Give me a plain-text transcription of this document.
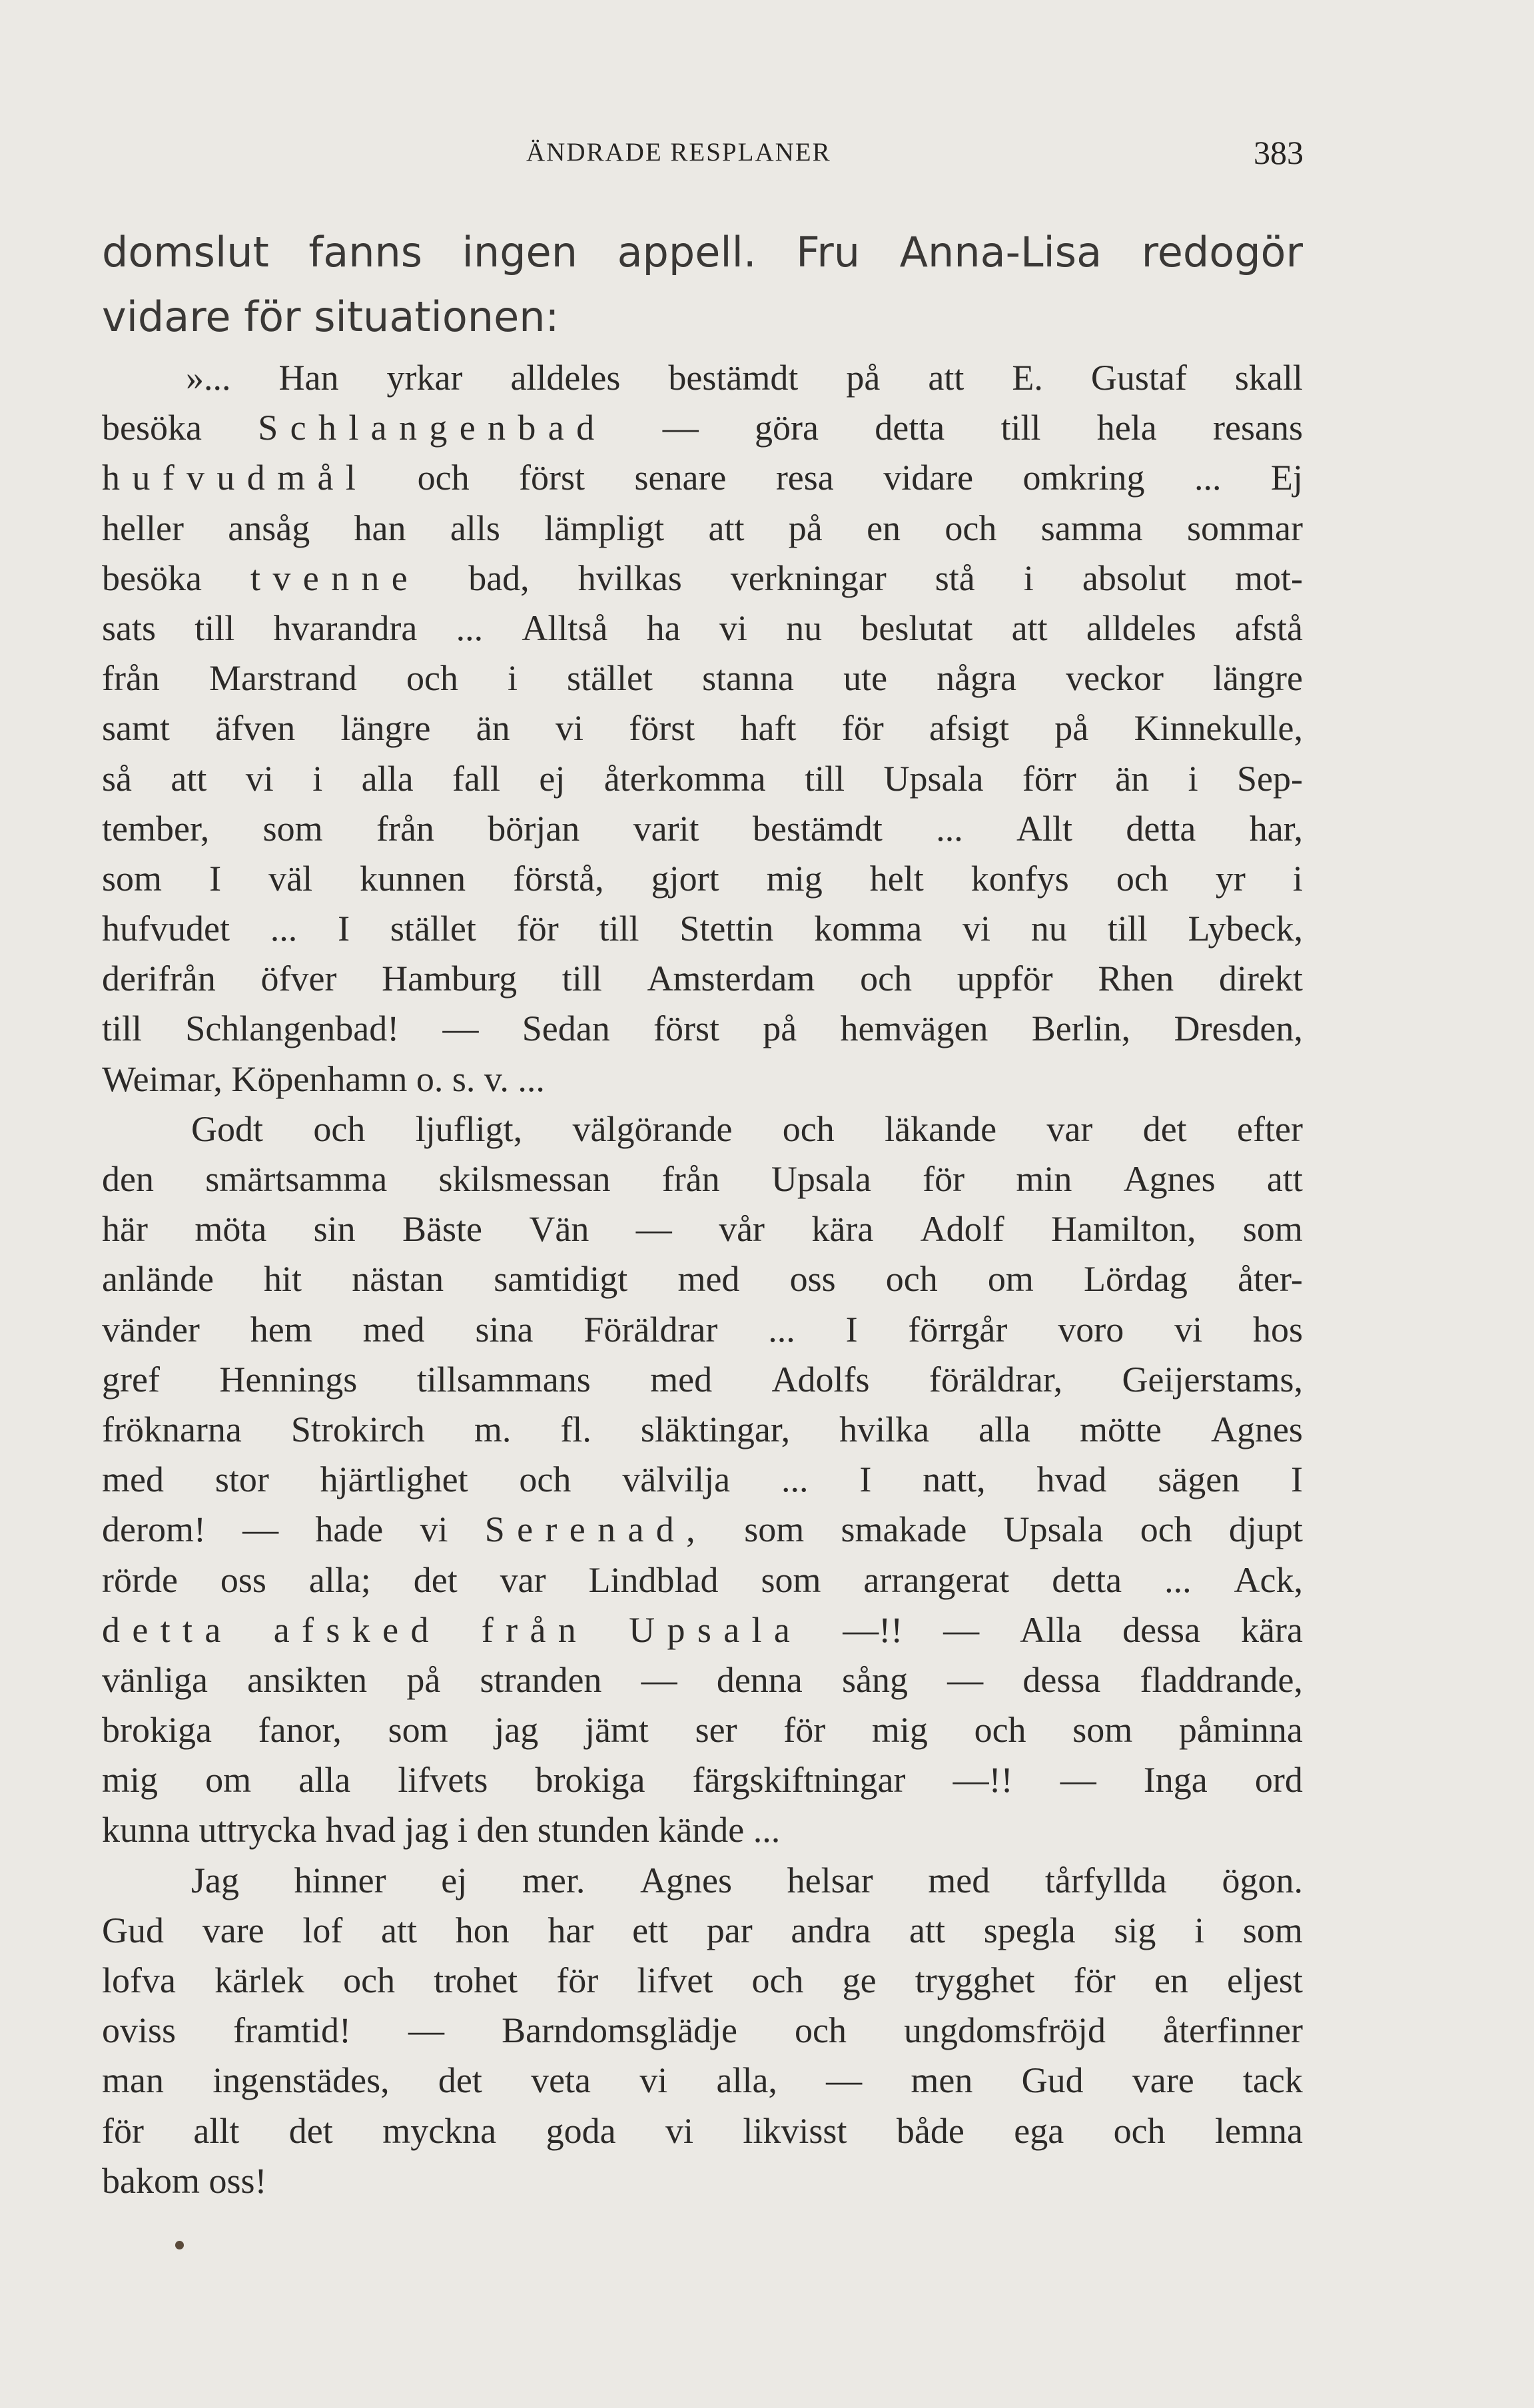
ÄNDRADE RESPLANER	383
domslut fanns ingen appell. Fru Anna-Lisa redogör
vidare för situationen:
»... Han yrkar alldeles bestämdt på att E. Gustaf skall
besöka Schlangenbad — göra detta till hela resans
hufvudmål och först senare resa vidare omkring ... Ej
heller ansåg han alls lämpligt att på en och samma sommar
besöka tvenne bad, hvilkas verkningar stå i absolut mot-
sats till hvarandra ... Alltså ha vi nu beslutat att alldeles afstå
från Marstrand och i stället stanna ute några veckor längre
samt äfven längre än vi först haft för afsigt på Kinnekulle,
så att vi i alla fall ej återkomma till Upsala förr än i Sep-
tember, som från början varit bestämdt ... Allt detta har,
som I väl kunnen förstå, gjort mig helt konfys och yr i
hufvudet ... I stället för till Stettin komma vi nu till Lybeck,
derifrån öfver Hamburg till Amsterdam och uppför Rhen direkt
till Schlangenbad! — Sedan först på hemvägen Berlin, Dresden,
Weimar, Köpenhamn o. s. v. ...
Godt och ljufligt, välgörande och läkande var det efter
den smärtsamma skilsmessan från Upsala för min Agnes att
här möta sin Bäste Vän — vår kära Adolf Hamilton, som
anlände hit nästan samtidigt med oss och om Lördag åter-
vänder hem med sina Föräldrar ... I förrgår voro vi hos
gref Hennings tillsammans med Adolfs föräldrar, Geijerstams,
fröknarna Strokirch m. fl. släktingar, hvilka alla mötte Agnes
med stor hjärtlighet och välvilja ... I natt, hvad sägen I
derom! — hade vi Serenad, som smakade Upsala och djupt
rörde oss alla; det var Lindblad som arrangerat detta ... Ack,
detta afsked från Upsala —!! — Alla dessa kära
vänliga ansikten på stranden — denna sång — dessa fladdrande,
brokiga fanor, som jag jämt ser för mig och som påminna
mig om alla lifvets brokiga färgskiftningar —!! — Inga ord
kunna uttrycka hvad jag i den stunden kände ...
Jag hinner ej mer. Agnes helsar med tårfyllda ögon.
Gud vare lof att hon har ett par andra att spegla sig i som
lofva kärlek och trohet för lifvet och ge trygghet för en eljest
oviss framtid! — Barndomsglädje och ungdomsfröjd återfinner
man ingenstädes, det veta vi alla, — men Gud vare tack
för allt det myckna goda vi likvisst både ega och lemna
bakom oss!
